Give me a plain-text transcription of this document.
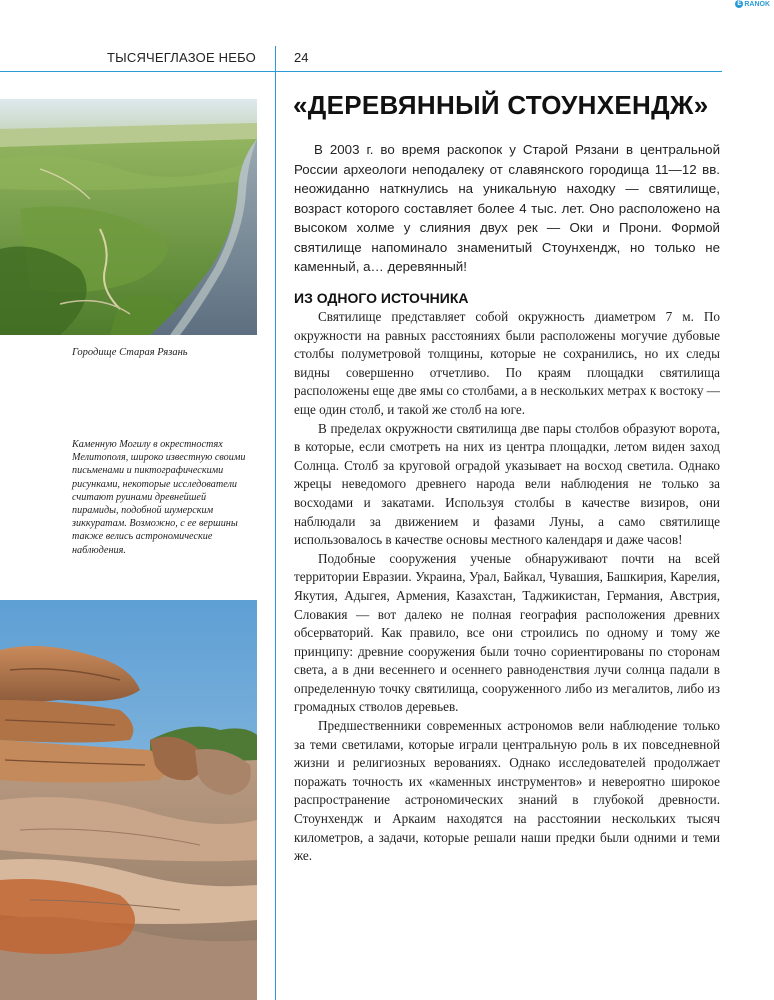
E RANOK
ТЫСЯЧЕГЛАЗОЕ НЕБО	24
Городище Старая Рязань
Каменную Могилу в окрестностях Мелитополя, широко известную своими письменами и пиктографическими рисунками, некоторые исследователи считают руинами древнейшей пирамиды, подобной шумерским зиккуратам. Возможно, с ее вершины также велись астрономические наблюдения.
«ДЕРЕВЯННЫЙ СТОУНХЕНДЖ»

В 2003 г. во время раскопок у Старой Рязани в центральной России археологи неподалеку от славянского городища 11—12 вв. неожиданно наткнулись на уникальную находку — святилище, возраст которого составляет более 4 тыс. лет. Оно расположено на высоком холме у слияния двух рек — Оки и Прони. Формой святилище напоминало знаменитый Стоунхендж, но только не каменный, а… деревянный!

ИЗ ОДНОГО ИСТОЧНИКА

Святилище представляет собой окружность диаметром 7 м. По окружности на равных расстояниях были расположены могучие дубовые столбы полуметровой толщины, которые не сохранились, но их следы видны совершенно отчетливо. По краям площадки святилища расположены еще две ямы со столбами, а в нескольких метрах к востоку — еще один столб, и такой же столб на юге.

В пределах окружности святилища две пары столбов образуют ворота, в которые, если смотреть на них из центра площадки, летом виден заход Солнца. Столб за круговой оградой указывает на восход светила. Однако жрецы неведомого древнего народа вели наблюдения не только за восходами и закатами. Используя столбы в качестве визиров, они наблюдали за движением и фазами Луны, а само святилище использовалось в качестве основы местного календаря и даже часов!

Подобные сооружения ученые обнаруживают почти на всей территории Евразии. Украина, Урал, Байкал, Чувашия, Башкирия, Карелия, Якутия, Адыгея, Армения, Казахстан, Таджикистан, Германия, Австрия, Словакия — вот далеко не полная география расположения древних обсерваторий. Как правило, все они строились по одному и тому же принципу: древние сооружения были точно сориентированы по сторонам света, а в дни весеннего и осеннего равноденствия лучи солнца падали в определенную точку святилища, сооруженного либо из мегалитов, либо из громадных стволов деревьев.

Предшественники современных астрономов вели наблюдение только за теми светилами, которые играли центральную роль в их повседневной жизни и религиозных верованиях. Однако исследователей продолжает поражать точность их «каменных инструментов» и невероятно широкое распространение астрономических знаний в глубокой древности. Стоунхендж и Аркаим находятся на расстоянии нескольких тысяч километров, а задачи, которые решали наши предки были одними и теми же.
